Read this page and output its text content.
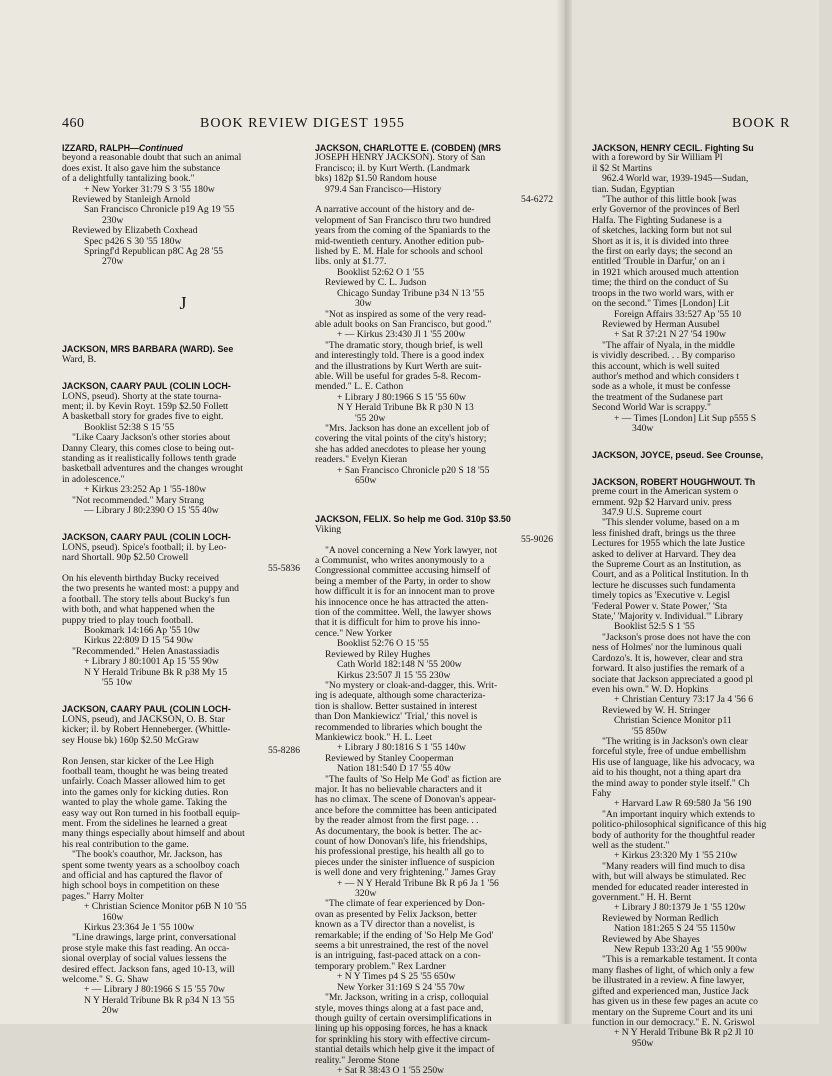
460	BOOK REVIEW DIGEST 1955	BOOK R
IZZARD, RALPH—Continued
beyond a reasonable doubt that such an animal
does exist. It also gave him the substance
of a delightfully tantalizing book."
+ New Yorker 31:79 S 3 '55 180w
Reviewed by Stanleigh Arnold
San Francisco Chronicle p19 Ag 19 '55
230w
Reviewed by Elizabeth Coxhead
Spec p426 S 30 '55 180w
Springf'd Republican p8C Ag 28 '55
270w
J
JACKSON, MRS BARBARA (WARD). See
Ward, B.
JACKSON, CAARY PAUL (COLIN LOCH-
LONS, pseud). Shorty at the state tourna-
ment; il. by Kevin Royt. 159p $2.50 Follett
A basketball story for grades five to eight.
Booklist 52:38 S 15 '55
"Like Caary Jackson's other stories about
Danny Cleary, this comes close to being out-
standing as it realistically follows tenth grade
basketball adventures and the changes wrought
in adolescence."
+ Kirkus 23:252 Ap 1 '55-180w
"Not recommended." Mary Strang
— Library J 80:2390 O 15 '55 40w
JACKSON, CAARY PAUL (COLIN LOCH-
LONS, pseud). Spice's football; il. by Leo-
nard Shortall. 90p $2.50 Crowell
55-5836
On his eleventh birthday Bucky received
the two presents he wanted most: a puppy and
a football. The story tells about Bucky's fun
with both, and what happened when the
puppy tried to play touch football.
Bookmark 14:166 Ap '55 10w
Kirkus 22:809 D 15 '54 90w
"Recommended." Helen Anastassiadis
+ Library J 80:1001 Ap 15 '55 90w
N Y Herald Tribune Bk R p38 My 15
'55 10w
JACKSON, CAARY PAUL (COLIN LOCH-
LONS, pseud), and JACKSON, O. B. Star
kicker; il. by Robert Henneberger. (Whittle-
sey House bk) 160p $2.50 McGraw
55-8286
Ron Jensen, star kicker of the Lee High
football team, thought he was being treated
unfairly. Coach Masser allowed him to get
into the games only for kicking duties. Ron
wanted to play the whole game. Taking the
easy way out Ron turned in his football equip-
ment. From the sidelines he learned a great
many things especially about himself and about
his real contribution to the game.
"The book's coauthor, Mr. Jackson, has
spent some twenty years as a schoolboy coach
and official and has captured the flavor of
high school boys in competition on these
pages." Harry Molter
+ Christian Science Monitor p6B N 10 '55
160w
Kirkus 23:364 Je 1 '55 100w
"Line drawings, large print, conversational
prose style make this fast reading. An occa-
sional overplay of social values lessens the
desired effect. Jackson fans, aged 10-13, will
welcome." S. G. Shaw
+ — Library J 80:1966 S 15 '55 70w
N Y Herald Tribune Bk R p34 N 13 '55
20w
JACKSON, CHARLOTTE E. (COBDEN) (MRS
JOSEPH HENRY JACKSON). Story of San
Francisco; il. by Kurt Werth. (Landmark
bks) 182p $1.50 Random house
979.4 San Francisco—History
54-6272
A narrative account of the history and de-
velopment of San Francisco thru two hundred
years from the coming of the Spaniards to the
mid-twentieth century. Another edition pub-
lished by E. M. Hale for schools and school
libs. only at $1.77.
Booklist 52:62 O 1 '55
Reviewed by C. L. Judson
Chicago Sunday Tribune p34 N 13 '55
30w
"Not as inspired as some of the very read-
able adult books on San Francisco, but good."
+ — Kirkus 23:430 Jl 1 '55 200w
"The dramatic story, though brief, is well
and interestingly told. There is a good index
and the illustrations by Kurt Werth are suit-
able. Will be useful for grades 5-8. Recom-
mended." L. E. Cathon
+ Library J 80:1966 S 15 '55 60w
N Y Herald Tribune Bk R p30 N 13
'55 20w
"Mrs. Jackson has done an excellent job of
covering the vital points of the city's history;
she has added anecdotes to please her young
readers." Evelyn Kieran
+ San Francisco Chronicle p20 S 18 '55
650w
JACKSON, FELIX. So help me God. 310p $3.50
Viking
55-9026
"A novel concerning a New York lawyer, not
a Communist, who writes anonymously to a
Congressional committee accusing himself of
being a member of the Party, in order to show
how difficult it is for an innocent man to prove
his innocence once he has attracted the atten-
tion of the committee. Well, the lawyer shows
that it is difficult for him to prove his inno-
cence." New Yorker
Booklist 52:76 O 15 '55
Reviewed by Riley Hughes
Cath World 182:148 N '55 200w
Kirkus 23:507 Jl 15 '55 230w
"No mystery or cloak-and-dagger, this. Writ-
ing is adequate, although some characteriza-
tion is shallow. Better sustained in interest
than Don Mankiewicz' 'Trial,' this novel is
recommended to libraries which bought the
Mankiewicz book." H. L. Leet
+ Library J 80:1816 S 1 '55 140w
Reviewed by Stanley Cooperman
Nation 181:540 D 17 '55 40w
"The faults of 'So Help Me God' as fiction are
major. It has no believable characters and it
has no climax. The scene of Donovan's appear-
ance before the committee has been anticipated
by the reader almost from the first page. . .
As documentary, the book is better. The ac-
count of how Donovan's life, his friendships,
his professional prestige, his health all go to
pieces under the sinister influence of suspicion
is well done and very frightening." James Gray
+ — N Y Herald Tribune Bk R p6 Ja 1 '56
320w
"The climate of fear experienced by Don-
ovan as presented by Felix Jackson, better
known as a TV director than a novelist, is
remarkable; if the ending of 'So Help Me God'
seems a bit unrestrained, the rest of the novel
is an intriguing, fast-paced attack on a con-
temporary problem." Rex Lardner
+ N Y Times p4 S 25 '55 650w
New Yorker 31:169 S 24 '55 70w
"Mr. Jackson, writing in a crisp, colloquial
style, moves things along at a fast pace and,
though guilty of certain oversimplifications in
lining up his opposing forces, he has a knack
for sprinkling his story with effective circum-
stantial details which help give it the impact of
reality." Jerome Stone
+ Sat R 38:43 O 1 '55 250w
JACKSON, HENRY CECIL. Fighting Su
with a foreword by Sir William Pl
il $2 St Martins
962.4 World war, 1939-1945—Sudan,
tian. Sudan, Egyptian
"The author of this little book [was
erly Governor of the provinces of Berl
Halfa. The Fighting Sudanese is a
of sketches, lacking form but not sul
Short as it is, it is divided into three
the first on early days; the second an
entitled 'Trouble in Darfur,' on an i
in 1921 which aroused much attention
time; the third on the conduct of Su
troops in the two world wars, with er
on the second." Times [London] Lit
Foreign Affairs 33:527 Ap '55 10
Reviewed by Herman Ausubel
+ Sat R 37:21 N 27 '54 190w
"The affair of Nyala, in the middle
is vividly described. . . By compariso
this account, which is well suited
author's method and which considers t
sode as a whole, it must be confesse
the treatment of the Sudanese part
Second World War is scrappy."
+ — Times [London] Lit Sup p555 S
340w
JACKSON, JOYCE, pseud. See Crounse,
JACKSON, ROBERT HOUGHWOUT. Th
preme court in the American system o
ernment. 92p $2 Harvard univ. press
347.9 U.S. Supreme court
"This slender volume, based on a m
less finished draft, brings us the three
Lectures for 1955 which the late Justice
asked to deliver at Harvard. They dea
the Supreme Court as an Institution, as
Court, and as a Political Institution. In th
lecture he discusses such fundamenta
timely topics as 'Executive v. Legisl
'Federal Power v. State Power,' 'Sta
State,' 'Majority v. Individual.'" Library
Booklist 52:5 S 1 '55
"Jackson's prose does not have the con
ness of Holmes' nor the luminous quali
Cardozo's. It is, however, clear and stra
forward. It also justifies the remark of a
sociate that Jackson appreciated a good pl
even his own." W. D. Hopkins
+ Christian Century 73:17 Ja 4 '56 6
Reviewed by W. H. Stringer
Christian Science Monitor p11
'55 850w
"The writing is in Jackson's own clear
forceful style, free of undue embellishm
His use of language, like his advocacy, wa
aid to his thought, not a thing apart dra
the mind away to ponder style itself." Ch
Fahy
+ Harvard Law R 69:580 Ja '56 190
"An important inquiry which extends to
politico-philosophical significance of this hig
body of authority for the thoughtful reader
well as the student."
+ Kirkus 23:320 My 1 '55 210w
"Many readers will find much to disa
with, but will always be stimulated. Rec
mended for educated reader interested in
government." H. H. Bernt
+ Library J 80:1379 Je 1 '55 120w
Reviewed by Norman Redlich
Nation 181:265 S 24 '55 1150w
Reviewed by Abe Shayes
New Repub 133:20 Ag 1 '55 900w
"This is a remarkable testament. It conta
many flashes of light, of which only a few
be illustrated in a review. A fine lawyer,
gifted and experienced man, Justice Jack
has given us in these few pages an acute co
mentary on the Supreme Court and its uni
function in our democracy." E. N. Griswol
+ N Y Herald Tribune Bk R p2 Jl 10
950w
